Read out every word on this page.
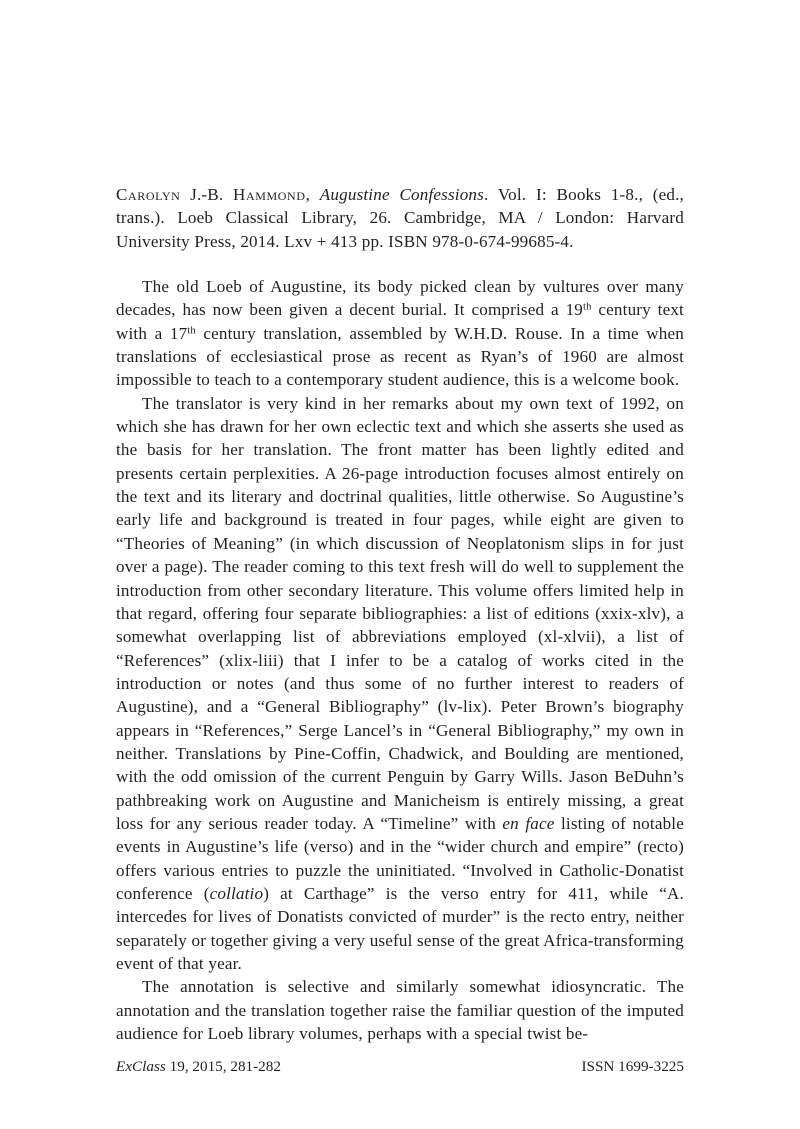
Carolyn J.-B. Hammond, Augustine Confessions. Vol. I: Books 1-8., (ed., trans.). Loeb Classical Library, 26. Cambridge, MA / London: Harvard University Press, 2014. Lxv + 413 pp. ISBN 978-0-674-99685-4.

The old Loeb of Augustine, its body picked clean by vultures over many decades, has now been given a decent burial. It comprised a 19th century text with a 17th century translation, assembled by W.H.D. Rouse. In a time when translations of ecclesiastical prose as recent as Ryan’s of 1960 are almost impossible to teach to a contemporary student audience, this is a welcome book.

The translator is very kind in her remarks about my own text of 1992, on which she has drawn for her own eclectic text and which she asserts she used as the basis for her translation. The front matter has been lightly edited and presents certain perplexities. A 26-page introduction focuses almost entirely on the text and its literary and doctrinal qualities, little otherwise. So Augustine’s early life and background is treated in four pages, while eight are given to “Theories of Meaning” (in which discussion of Neoplatonism slips in for just over a page). The reader coming to this text fresh will do well to supplement the introduction from other secondary literature. This volume offers limited help in that regard, offering four separate bibliographies: a list of editions (xxix-xlv), a somewhat overlapping list of abbreviations employed (xl-xlvii), a list of “References” (xlix-liii) that I infer to be a catalog of works cited in the introduction or notes (and thus some of no further interest to readers of Augustine), and a “General Bibliography” (lv-lix). Peter Brown’s biography appears in “References,” Serge Lancel’s in “General Bibliography,” my own in neither. Translations by Pine-Coffin, Chadwick, and Boulding are mentioned, with the odd omission of the current Penguin by Garry Wills. Jason BeDuhn’s pathbreaking work on Augustine and Manicheism is entirely missing, a great loss for any serious reader today. A “Timeline” with en face listing of notable events in Augustine’s life (verso) and in the “wider church and empire” (recto) offers various entries to puzzle the uninitiated. “Involved in Catholic-Donatist conference (collatio) at Carthage” is the verso entry for 411, while “A. intercedes for lives of Donatists convicted of murder” is the recto entry, neither separately or together giving a very useful sense of the great Africa-transforming event of that year.

The annotation is selective and similarly somewhat idiosyncratic. The annotation and the translation together raise the familiar question of the imputed audience for Loeb library volumes, perhaps with a special twist be-

ExClass 19, 2015, 281-282	ISSN 1699-3225
